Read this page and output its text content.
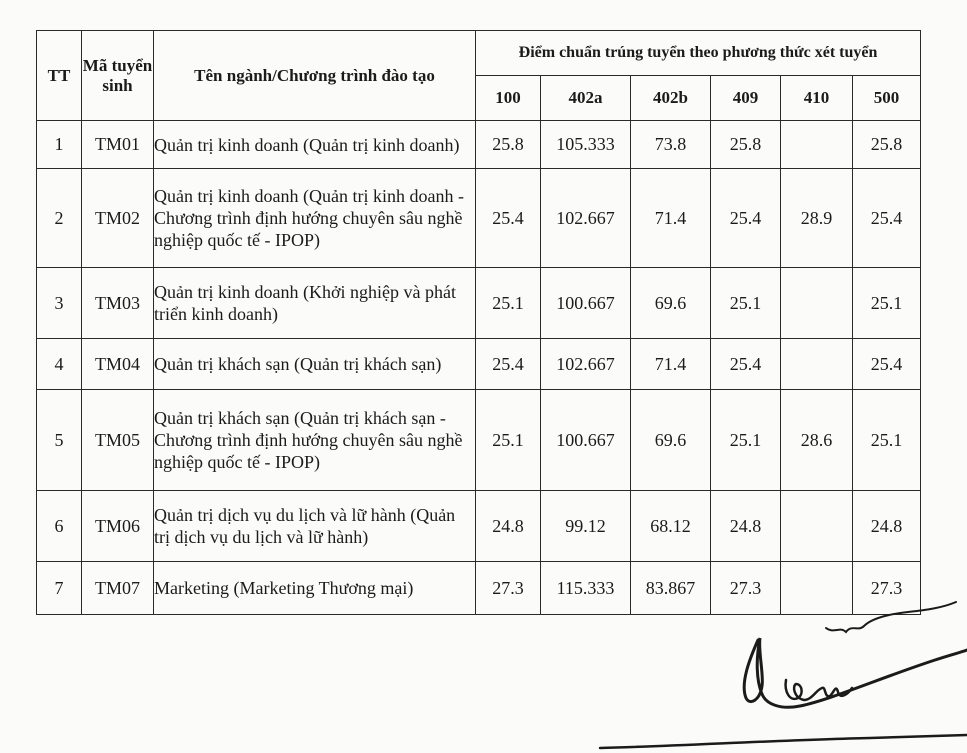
TT	Mã tuyển sinh	Tên ngành/Chương trình đào tạo	Điểm chuẩn trúng tuyển theo phương thức xét tuyển					
			100	402a	402b	409	410	500
1	TM01	Quản trị kinh doanh (Quản trị kinh doanh)	25.8	105.333	73.8	25.8		25.8
2	TM02	Quản trị kinh doanh (Quản trị kinh doanh - Chương trình định hướng chuyên sâu nghề nghiệp quốc tế - IPOP)	25.4	102.667	71.4	25.4	28.9	25.4
3	TM03	Quản trị kinh doanh (Khởi nghiệp và phát triển kinh doanh)	25.1	100.667	69.6	25.1		25.1
4	TM04	Quản trị khách sạn (Quản trị khách sạn)	25.4	102.667	71.4	25.4		25.4
5	TM05	Quản trị khách sạn (Quản trị khách sạn - Chương trình định hướng chuyên sâu nghề nghiệp quốc tế - IPOP)	25.1	100.667	69.6	25.1	28.6	25.1
6	TM06	Quản trị dịch vụ du lịch và lữ hành (Quản trị dịch vụ du lịch và lữ hành)	24.8	99.12	68.12	24.8		24.8
7	TM07	Marketing (Marketing Thương mại)	27.3	115.333	83.867	27.3		27.3
